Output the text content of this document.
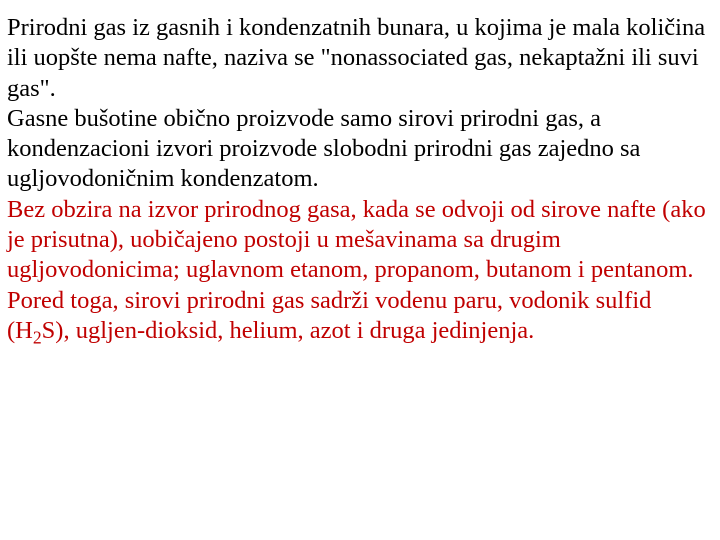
Prirodni gas iz gasnih i kondenzatnih bunara, u kojima je mala količina ili uopšte nema nafte, naziva se "nonassociated gas, nekaptažni ili suvi gas".

Gasne bušotine obično proizvode samo sirovi prirodni gas, a kondenzacioni izvori proizvode slobodni prirodni gas zajedno sa ugljovodoničnim kondenzatom.

Bez obzira na izvor prirodnog gasa, kada se odvoji od sirove nafte (ako je prisutna), uobičajeno postoji u mešavinama sa drugim ugljovodonicima; uglavnom etanom, propanom, butanom i pentanom.

Pored toga, sirovi prirodni gas sadrži vodenu paru, vodonik sulfid $(H_2S)$, ugljen-dioksid, helium, azot i druga jedinjenja.
